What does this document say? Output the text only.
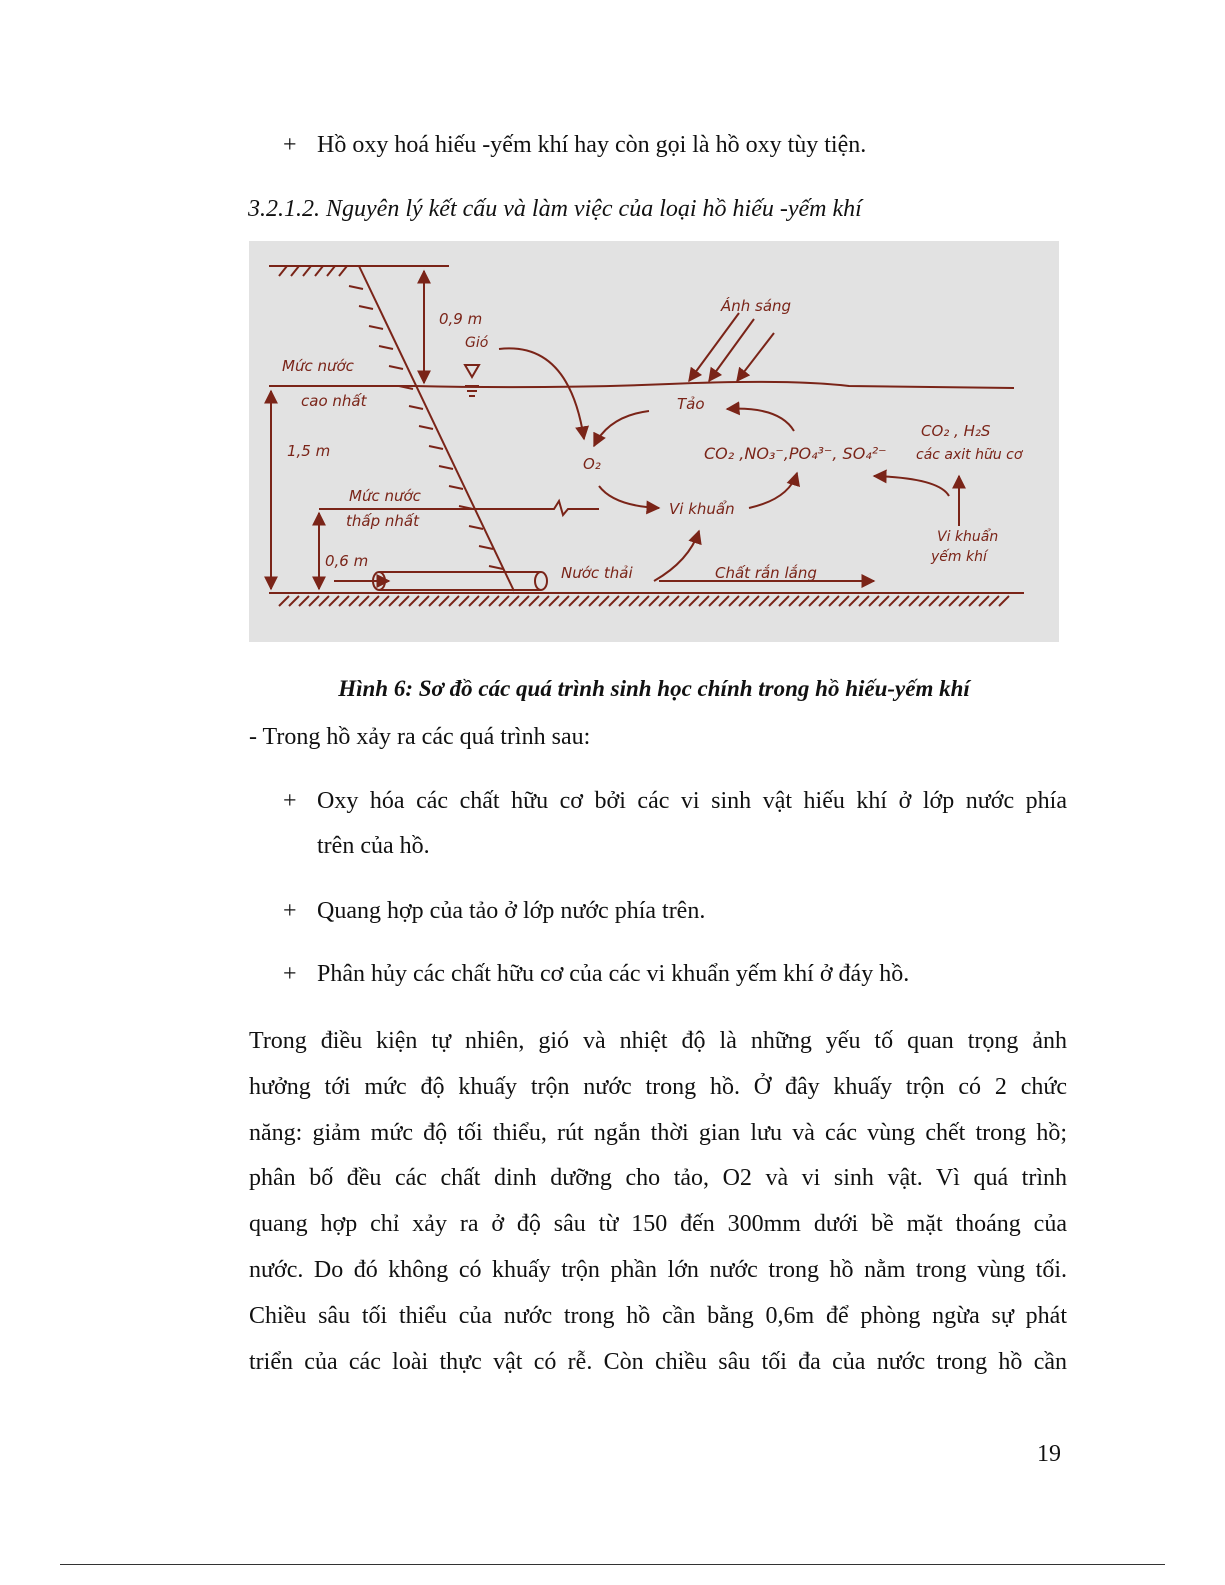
+ Hồ oxy hoá hiếu -yếm khí hay còn gọi là hồ oxy tùy tiện.
3.2.1.2. Nguyên lý kết cấu và làm việc của loại hồ hiếu -yếm khí
0,9 m
Gió
Ánh sáng
Mức nước
cao nhất
1,5 m
Tảo
O₂
CO₂ ,NO₃⁻,PO₄³⁻, SO₄²⁻
CO₂ , H₂S
các axit hữu cơ
Mức nước
thấp nhất
Vi khuẩn
Vi khuẩn
yếm khí
0,6 m
Nước thải	Chất rắn lắng
Hình 6: Sơ đồ các quá trình sinh học chính trong hồ hiếu-yếm khí
- Trong hồ xảy ra các quá trình sau:
+ Oxy hóa các chất hữu cơ bởi các vi sinh vật hiếu khí ở lớp nước phía
trên của hồ.
+ Quang hợp của tảo ở lớp nước phía trên.
+ Phân hủy các chất hữu cơ của các vi khuẩn yếm khí ở đáy hồ.

Trong điều kiện tự nhiên, gió và nhiệt độ là những yếu tố quan trọng ảnh

hưởng tới mức độ khuấy trộn nước trong hồ. Ở đây khuấy trộn có 2 chức

năng: giảm mức độ tối thiểu, rút ngắn thời gian lưu và các vùng chết trong hồ;

phân bố đều các chất dinh dưỡng cho tảo, O2 và vi sinh vật. Vì quá trình

quang hợp chỉ xảy ra ở độ sâu từ 150 đến 300mm dưới bề mặt thoáng của

nước. Do đó không có khuấy trộn phần lớn nước trong hồ nằm trong vùng tối.

Chiều sâu tối thiểu của nước trong hồ cần bằng 0,6m để phòng ngừa sự phát

triển của các loài thực vật có rễ. Còn chiều sâu tối đa của nước trong hồ cần

19
